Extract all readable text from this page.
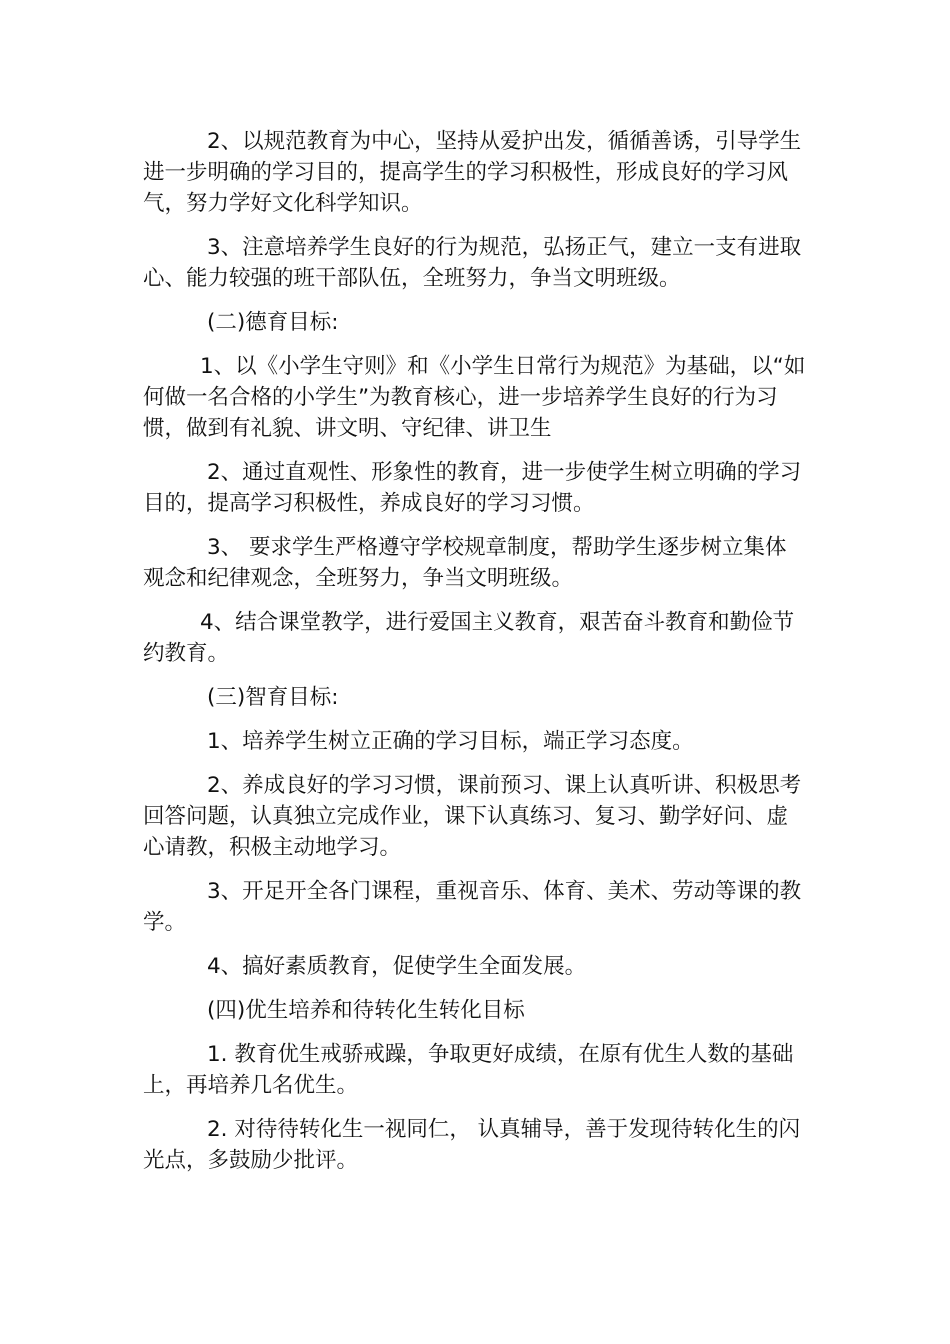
2、以规范教育为中心，坚持从爱护出发，循循善诱，引导学生进一步明确的学习目的，提高学生的学习积极性，形成良好的学习风气，努力学好文化科学知识。

3、注意培养学生良好的行为规范，弘扬正气，建立一支有进取心、能力较强的班干部队伍，全班努力，争当文明班级。

(二)德育目标:

1、以《小学生守则》和《小学生日常行为规范》为基础，以“如何做一名合格的小学生”为教育核心，进一步培养学生良好的行为习惯，做到有礼貌、讲文明、守纪律、讲卫生

2、通过直观性、形象性的教育，进一步使学生树立明确的学习目的，提高学习积极性，养成良好的学习习惯。

3、 要求学生严格遵守学校规章制度，帮助学生逐步树立集体观念和纪律观念，全班努力，争当文明班级。

4、结合课堂教学，进行爱国主义教育，艰苦奋斗教育和勤俭节约教育。

(三)智育目标:

1、培养学生树立正确的学习目标，端正学习态度。

2、养成良好的学习习惯，课前预习、课上认真听讲、积极思考回答问题，认真独立完成作业，课下认真练习、复习、勤学好问、虚心请教，积极主动地学习。

3、开足开全各门课程，重视音乐、体育、美术、劳动等课的教学。

4、搞好素质教育，促使学生全面发展。

(四)优生培养和待转化生转化目标

1. 教育优生戒骄戒躁，争取更好成绩，在原有优生人数的基础上，再培养几名优生。

2. 对待待转化生一视同仁， 认真辅导，善于发现待转化生的闪光点，多鼓励少批评。
